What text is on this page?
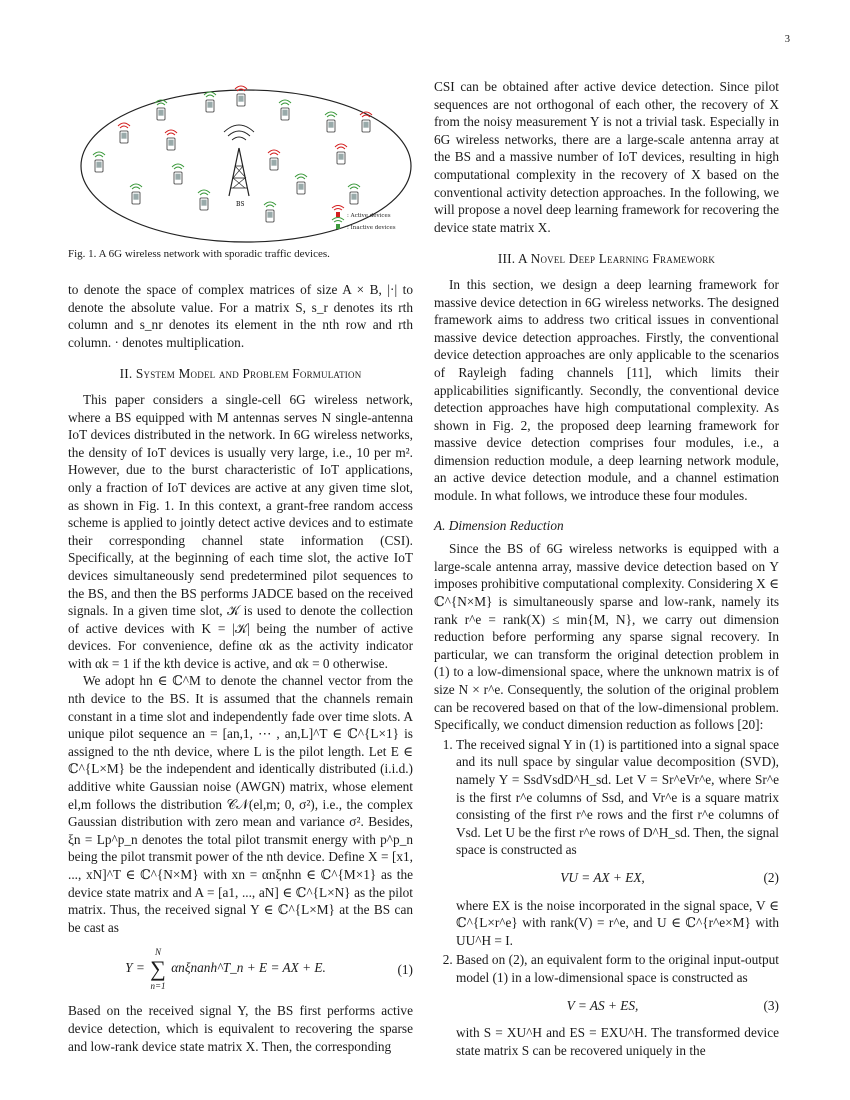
3
BS
: Active devices
: Inactive devices
Fig. 1. A 6G wireless network with sporadic traffic devices.

to denote the space of complex matrices of size A × B, |·| to denote the absolute value. For a matrix S, s_r denotes its rth column and s_nr denotes its element in the nth row and rth column. · denotes multiplication.

II. System Model and Problem Formulation

This paper considers a single-cell 6G wireless network, where a BS equipped with M antennas serves N single-antenna IoT devices distributed in the network. In 6G wireless networks, the density of IoT devices is usually very large, i.e., 10 per m². However, due to the burst characteristic of IoT applications, only a fraction of IoT devices are active at any given time slot, as shown in Fig. 1. In this context, a grant-free random access scheme is applied to jointly detect active devices and to estimate their corresponding channel state information (CSI). Specifically, at the beginning of each time slot, the active IoT devices simultaneously send predetermined pilot sequences to the BS, and then the BS performs JADCE based on the received signals. In a given time slot, 𝒦 is used to denote the collection of active devices with K = |𝒦| being the number of active devices. For convenience, define αk as the activity indicator with αk = 1 if the kth device is active, and αk = 0 otherwise.

We adopt hn ∈ ℂ^M to denote the channel vector from the nth device to the BS. It is assumed that the channels remain constant in a time slot and independently fade over time slots. A unique pilot sequence an = [an,1, ⋯ , an,L]^T ∈ ℂ^{L×1} is assigned to the nth device, where L is the pilot length. Let E ∈ ℂ^{L×M} be the independent and identically distributed (i.i.d.) additive white Gaussian noise (AWGN) matrix, whose element el,m follows the distribution 𝒞𝒩(el,m; 0, σ²), i.e., the complex Gaussian distribution with zero mean and variance σ². Besides, ξn = Lp^p_n denotes the total pilot transmit energy with p^p_n being the pilot transmit power of the nth device. Define X = [x1, ..., xN]^T ∈ ℂ^{N×M} with xn = αnξnhn ∈ ℂ^{M×1} as the device state matrix and A = [a1, ..., aN] ∈ ℂ^{L×N} as the pilot matrix. Thus, the received signal Y ∈ ℂ^{L×M} at the BS can be cast as

Y =
N
∑
n=1
αnξnanh^T_n + E = AX + E.	(1)

Based on the received signal Y, the BS first performs active device detection, which is equivalent to recovering the sparse and low-rank device state matrix X. Then, the corresponding

CSI can be obtained after active device detection. Since pilot sequences are not orthogonal of each other, the recovery of X from the noisy measurement Y is not a trivial task. Especially in 6G wireless networks, there are a large-scale antenna array at the BS and a massive number of IoT devices, resulting in high computational complexity in the recovery of X based on the conventional activity detection approaches. In the following, we will propose a novel deep learning framework for recovering the device state matrix X.

III. A Novel Deep Learning Framework

In this section, we design a deep learning framework for massive device detection in 6G wireless networks. The designed framework aims to address two critical issues in conventional massive device detection approaches. Firstly, the conventional device detection approaches are only applicable to the scenarios of Rayleigh fading channels [11], which limits their applicabilities significantly. Secondly, the conventional device detection approaches have high computational complexity. As shown in Fig. 2, the proposed deep learning framework for massive device detection comprises four modules, i.e., a dimension reduction module, a deep learning network module, an active device detection module, and a channel estimation module. In what follows, we introduce these four modules.

A. Dimension Reduction

Since the BS of 6G wireless networks is equipped with a large-scale antenna array, massive device detection based on Y imposes prohibitive computational complexity. Considering X ∈ ℂ^{N×M} is simultaneously sparse and low-rank, namely its rank r^e = rank(X) ≤ min{M, N}, we carry out dimension reduction before performing any sparse signal recovery. In particular, we can transform the original detection problem in (1) to a low-dimensional space, where the unknown matrix is of size N × r^e. Consequently, the solution of the original problem can be recovered based on that of the low-dimensional problem. Specifically, we conduct dimension reduction as follows [20]:

1. The received signal Y in (1) is partitioned into a signal space and its null space by singular value decomposition (SVD), namely Y = SsdVsdD^H_sd. Let V = Sr^eVr^e, where Sr^e is the first r^e columns of Ssd, and Vr^e is a square matrix consisting of the first r^e rows and the first r^e columns of Vsd. Let U be the first r^e rows of D^H_sd. Then, the signal space is constructed as
VU = AX + EX,	(2)
where EX is the noise incorporated in the signal space, V ∈ ℂ^{L×r^e} with rank(V) = r^e, and U ∈ ℂ^{r^e×M} with UU^H = I.
2. Based on (2), an equivalent form to the original input-output model (1) in a low-dimensional space is constructed as
V = AS + ES,	(3)
with S = XU^H and ES = EXU^H. The transformed device state matrix S can be recovered uniquely in the
